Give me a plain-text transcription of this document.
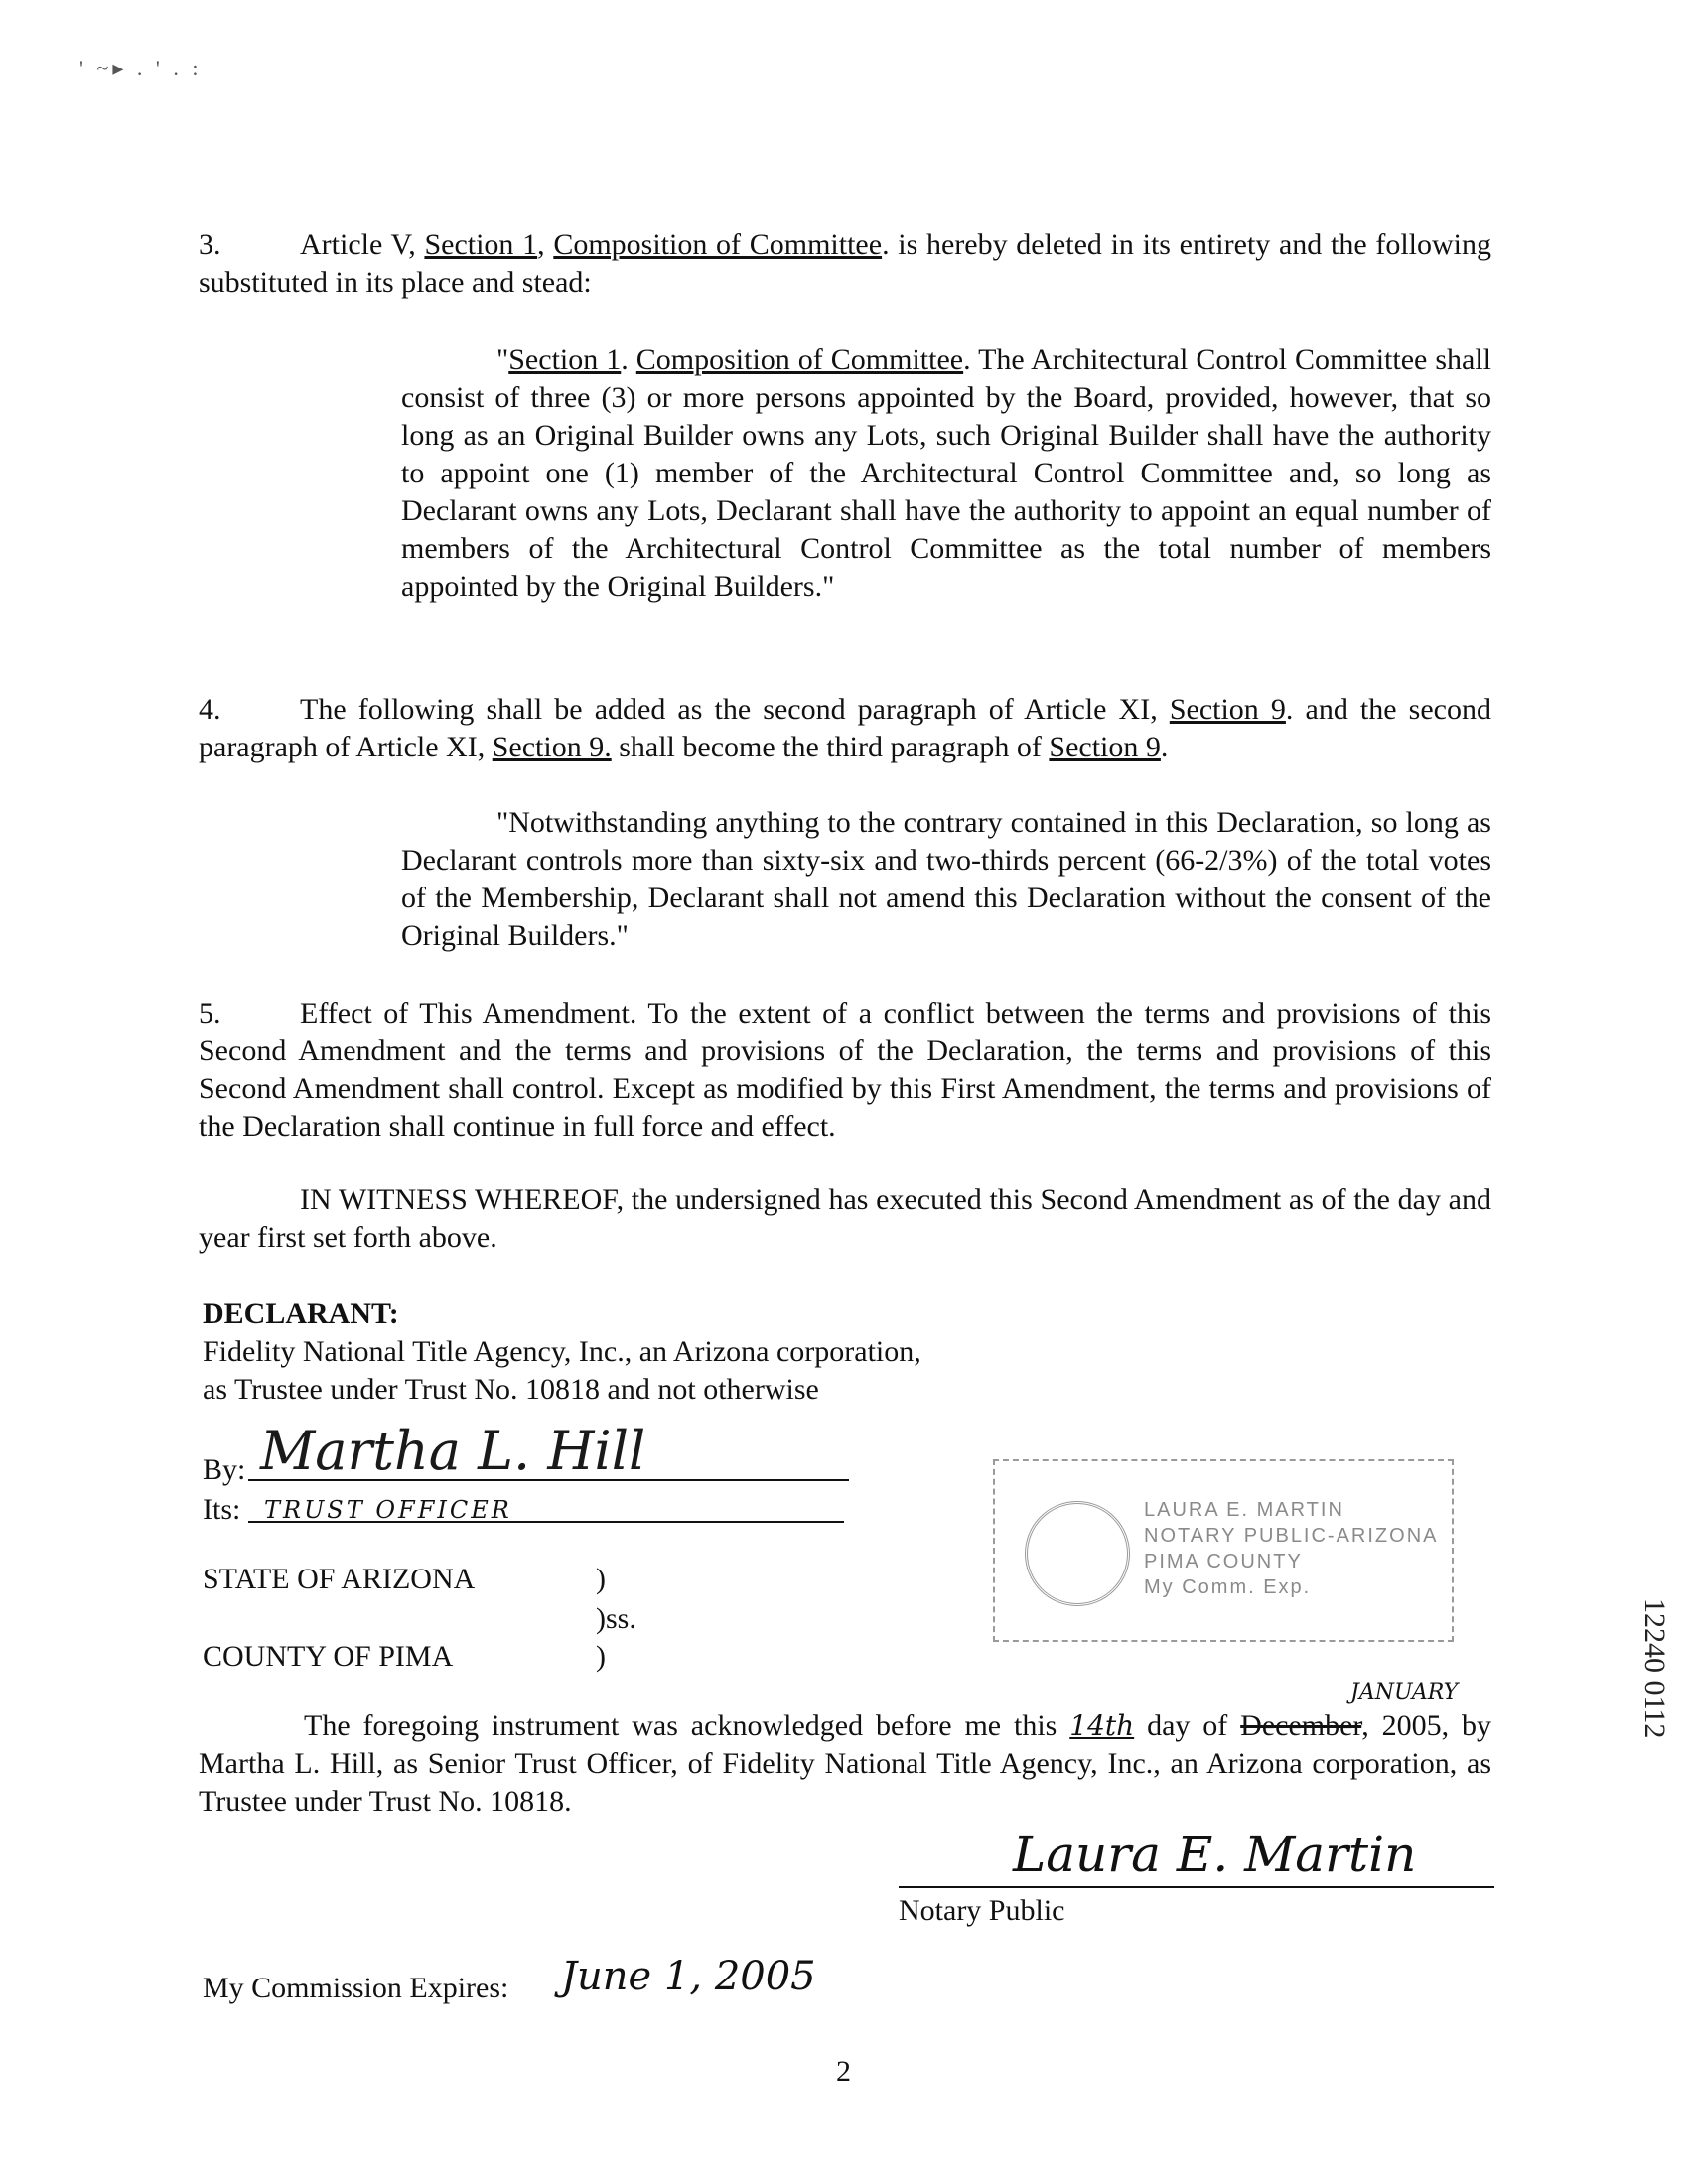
' ~▸ . ' . :
3.	Article V, Section 1, Composition of Committee. is hereby deleted in its entirety and the following substituted in its place and stead:
"Section 1. Composition of Committee. The Architectural Control Committee shall consist of three (3) or more persons appointed by the Board, provided, however, that so long as an Original Builder owns any Lots, such Original Builder shall have the authority to appoint one (1) member of the Architectural Control Committee and, so long as Declarant owns any Lots, Declarant shall have the authority to appoint an equal number of members of the Architectural Control Committee as the total number of members appointed by the Original Builders."
4.	The following shall be added as the second paragraph of Article XI, Section 9. and the second paragraph of Article XI, Section 9. shall become the third paragraph of Section 9.
"Notwithstanding anything to the contrary contained in this Declaration, so long as Declarant controls more than sixty-six and two-thirds percent (66-2/3%) of the total votes of the Membership, Declarant shall not amend this Declaration without the consent of the Original Builders."
5.	Effect of This Amendment. To the extent of a conflict between the terms and provisions of this Second Amendment and the terms and provisions of the Declaration, the terms and provisions of this Second Amendment shall control. Except as modified by this First Amendment, the terms and provisions of the Declaration shall continue in full force and effect.
IN WITNESS WHEREOF, the undersigned has executed this Second Amendment as of the day and year first set forth above.
DECLARANT:
Fidelity National Title Agency, Inc., an Arizona corporation,
as Trustee under Trust No. 10818 and not otherwise
By: Martha L. Hill
Its: TRUST OFFICER	LAURA E. MARTIN
NOTARY PUBLIC-ARIZONA
PIMA COUNTY
My Comm. Exp.
STATE OF ARIZONA	)
)ss.
COUNTY OF PIMA	)
JANUARY
The foregoing instrument was acknowledged before me this 14th day of December, 2005, by Martha L. Hill, as Senior Trust Officer, of Fidelity National Title Agency, Inc., an Arizona corporation, as Trustee under Trust No. 10818.
Laura E. Martin
Notary Public
My Commission Expires: June 1, 2005
2
12240 0112
